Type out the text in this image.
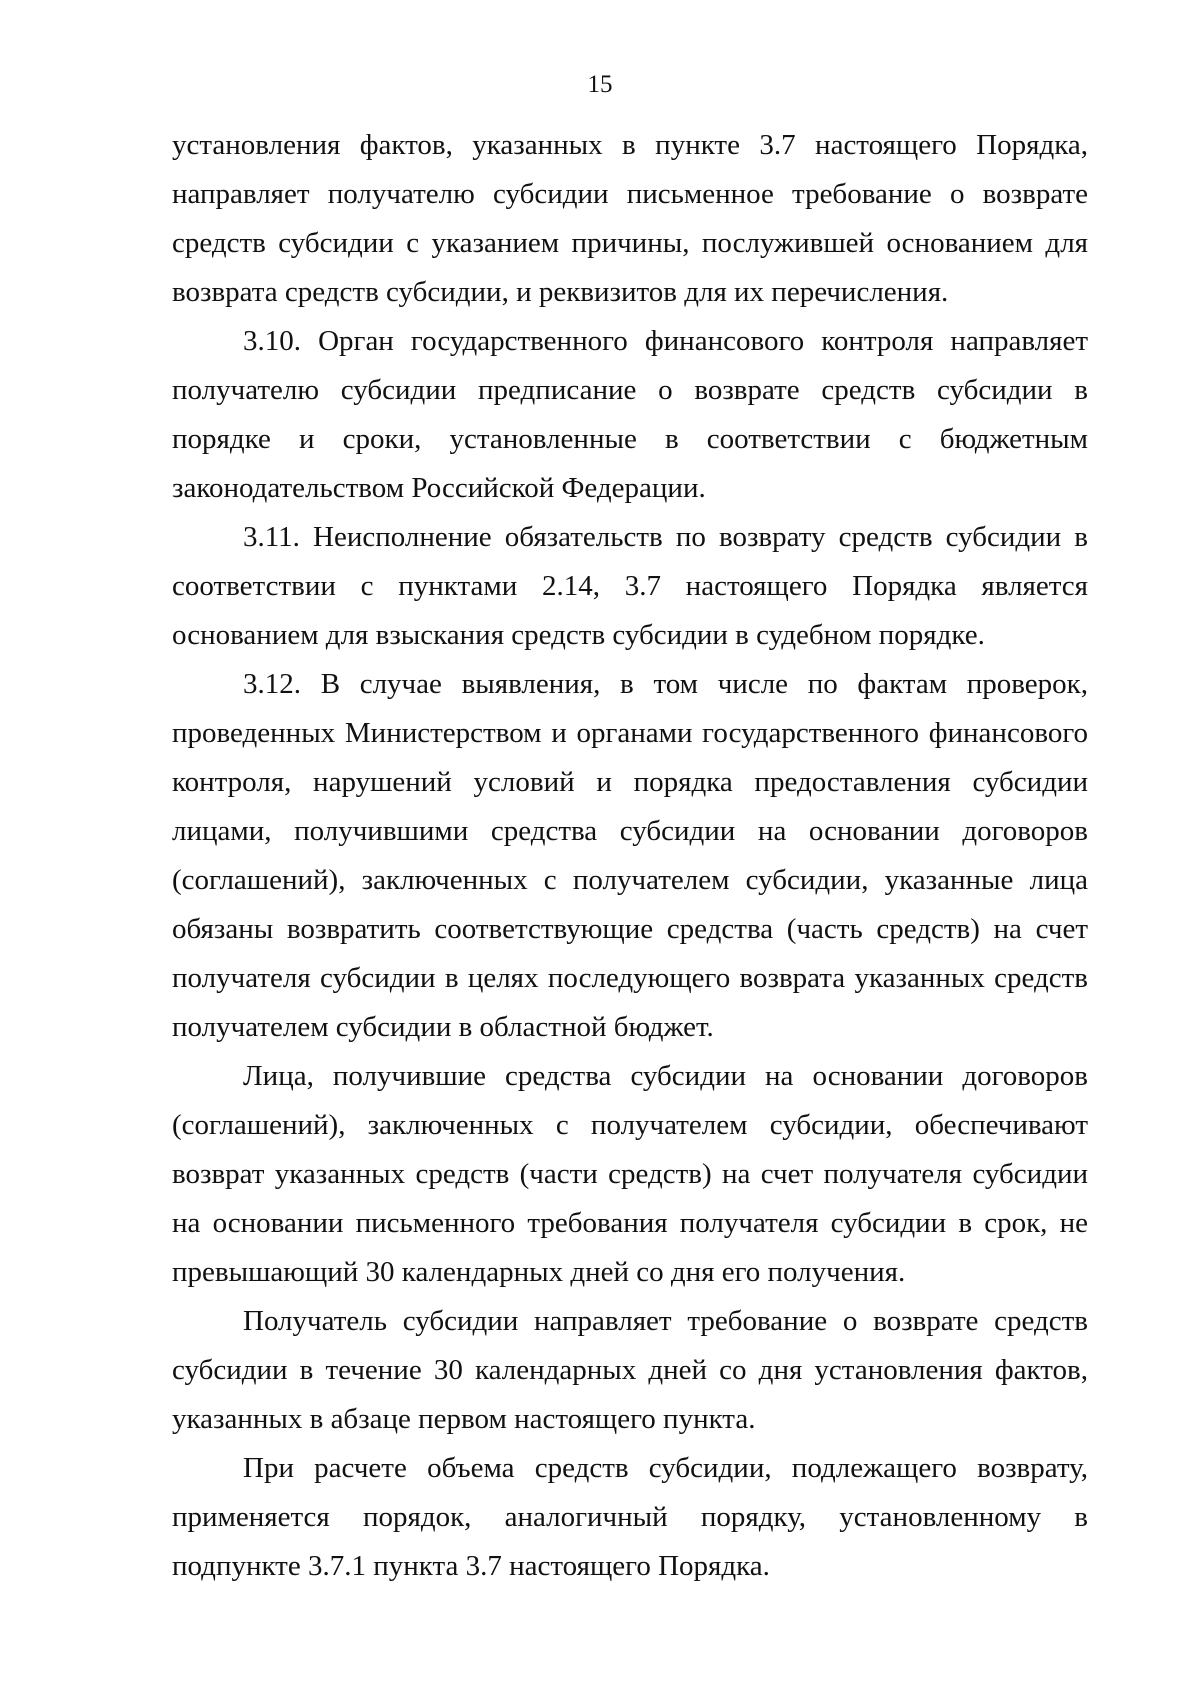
15

установления фактов, указанных в пункте 3.7 настоящего Порядка, направляет получателю субсидии письменное требование о возврате средств субсидии с указанием причины, послужившей основанием для возврата средств субсидии, и реквизитов для их перечисления.

3.10. Орган государственного финансового контроля направляет получателю субсидии предписание о возврате средств субсидии в порядке и сроки, установленные в соответствии с бюджетным законодательством Российской Федерации.

3.11. Неисполнение обязательств по возврату средств субсидии в соответствии с пунктами 2.14, 3.7 настоящего Порядка является основанием для взыскания средств субсидии в судебном порядке.

3.12. В случае выявления, в том числе по фактам проверок, проведенных Министерством и органами государственного финансового контроля, нарушений условий и порядка предоставления субсидии лицами, получившими средства субсидии на основании договоров (соглашений), заключенных с получателем субсидии, указанные лица обязаны возвратить соответствующие средства (часть средств) на счет получателя субсидии в целях последующего возврата указанных средств получателем субсидии в областной бюджет.

Лица, получившие средства субсидии на основании договоров (соглашений), заключенных с получателем субсидии, обеспечивают возврат указанных средств (части средств) на счет получателя субсидии на основании письменного требования получателя субсидии в срок, не превышающий 30 календарных дней со дня его получения.

Получатель субсидии направляет требование о возврате средств субсидии в течение 30 календарных дней со дня установления фактов, указанных в абзаце первом настоящего пункта.

При расчете объема средств субсидии, подлежащего возврату, применяется порядок, аналогичный порядку, установленному в подпункте 3.7.1 пункта 3.7 настоящего Порядка.
